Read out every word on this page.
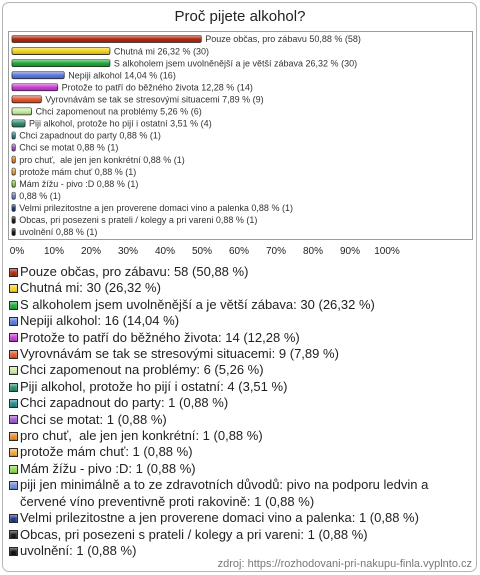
Pouze občas, pro zábavu 50,88 % (58)
Chutná mi 26,32 % (30)
S alkoholem jsem uvolněnější a je větší zábava 26,32 % (30)
Nepiji alkohol 14,04 % (16)
Protože to patří do běžného života 12,28 % (14)
Vyrovnávám se tak se stresovými situacemi 7,89 % (9)
Chci zapomenout na problémy 5,26 % (6)
Piji alkohol, protože ho pijí i ostatní 3,51 % (4)
Chci zapadnout do party 0,88 % (1)
Chci se motat 0,88 % (1)
pro chuť,  ale jen jen konkrétní 0,88 % (1)
protože mám chuť 0,88 % (1)
Mám žížu - pivo :D 0,88 % (1)
0,88 % (1)
Velmi prilezitostne a jen proverene domaci vino a palenka 0,88 % (1)
Obcas, pri posezeni s prateli / kolegy a pri vareni 0,88 % (1)
uvolnění 0,88 % (1)
0% 10% 20% 30% 40% 50% 60% 70% 80% 90% 100%
Proč pijete alkohol?
Pouze občas, pro zábavu: 58 (50,88 %)
Chutná mi: 30 (26,32 %)
S alkoholem jsem uvolněnější a je větší zábava: 30 (26,32 %)
Nepiji alkohol: 16 (14,04 %)
Protože to patří do běžného života: 14 (12,28 %)
Vyrovnávám se tak se stresovými situacemi: 9 (7,89 %)
Chci zapomenout na problémy: 6 (5,26 %)
Piji alkohol, protože ho pijí i ostatní: 4 (3,51 %)
Chci zapadnout do party: 1 (0,88 %)
Chci se motat: 1 (0,88 %)
pro chuť,  ale jen jen konkrétní: 1 (0,88 %)
protože mám chuť: 1 (0,88 %)
Mám žížu - pivo :D: 1 (0,88 %)
piji jen minimálně a to ze zdravotních důvodů: pivo na podporu ledvin a červené víno preventivně proti rakovině: 1 (0,88 %)
Velmi prilezitostne a jen proverene domaci vino a palenka: 1 (0,88 %)
Obcas, pri posezeni s prateli / kolegy a pri vareni: 1 (0,88 %)
uvolnění: 1 (0,88 %)
zdroj: https://rozhodovani-pri-nakupu-finla.vyplnto.cz
